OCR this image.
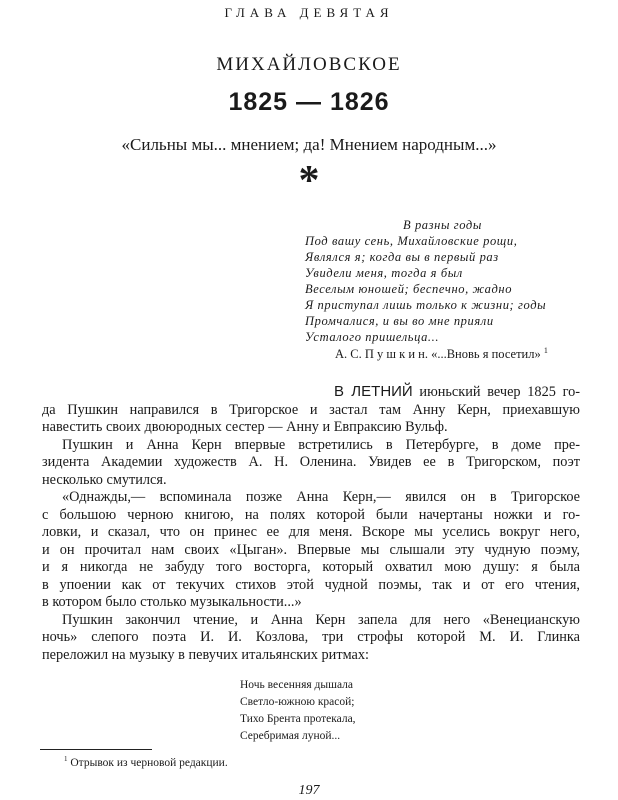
ГЛАВА ДЕВЯТАЯ
МИХАЙЛОВСКОЕ
1825 — 1826
«Сильны мы... мнением; да! Мнением народным...»
*
В разны годы
Под вашу сень, Михайловские рощи,
Являлся я; когда вы в первый раз
Увидели меня, тогда я был
Веселым юношей; беспечно, жадно
Я приступал лишь только к жизни; годы
Промчалися, и вы во мне прияли
Усталого пришельца...
А. С. П у ш к и н. «...Вновь я посетил» $^1$
В ЛЕТНИЙ июньский вечер 1825 го-
да Пушкин направился в Тригорское и застал там Анну Керн, приехавшую
навестить своих двоюродных сестер — Анну и Евпраксию Вульф.
Пушкин и Анна Керн впервые встретились в Петербурге, в доме пре-
зидента Академии художеств А. Н. Оленина. Увидев ее в Тригорском, поэт
несколько смутился.
«Однажды,— вспоминала позже Анна Керн,— явился он в Тригорское
с большою черною книгою, на полях которой были начертаны ножки и го-
ловки, и сказал, что он принес ее для меня. Вскоре мы уселись вокруг него,
и он прочитал нам своих «Цыган». Впервые мы слышали эту чудную поэму,
и я никогда не забуду того восторга, который охватил мою душу: я была
в упоении как от текучих стихов этой чудной поэмы, так и от его чтения,
в котором было столько музыкальности...»
Пушкин закончил чтение, и Анна Керн запела для него «Венецианскую
ночь» слепого поэта И. И. Козлова, три строфы которой М. И. Глинка
переложил на музыку в певучих итальянских ритмах:
Ночь весенняя дышала
Светло-южною красой;
Тихо Брента протекала,
Серебримая луной...
$^1$ Отрывок из черновой редакции.
197
